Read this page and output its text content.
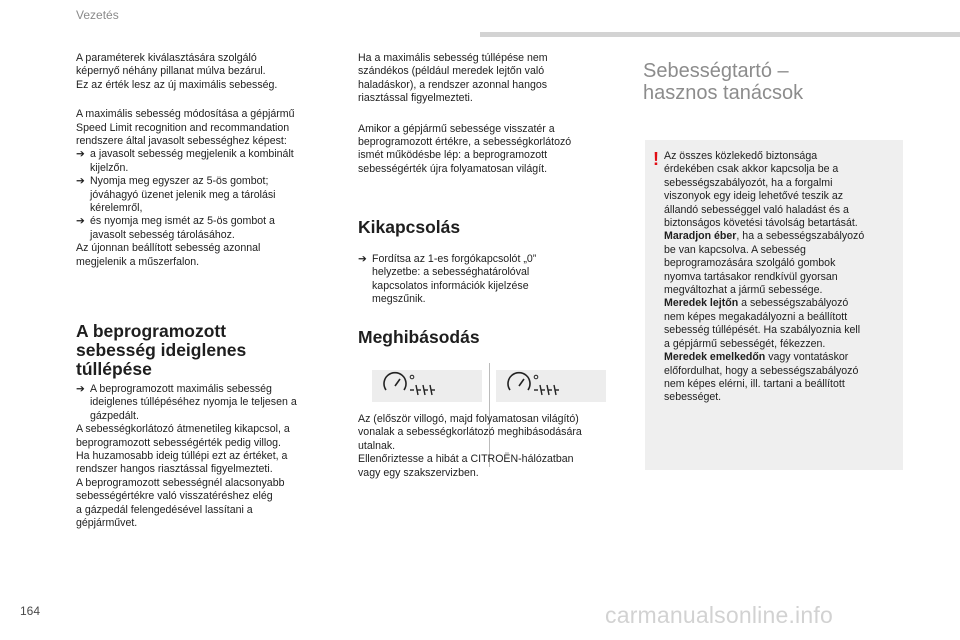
Vezetés

A paraméterek kiválasztására szolgáló
képernyő néhány pillanat múlva bezárul.
Ez az érték lesz az új maximális sebesség.

A maximális sebesség módosítása a gépjármű
Speed Limit recognition and recommandation
rendszere által javasolt sebességhez képest:
➔ a javasolt sebesség megjelenik a kombinált
kijelzőn.
➔ Nyomja meg egyszer az 5-ös gombot;
jóváhagyó üzenet jelenik meg a tárolási
kérelemről,
➔ és nyomja meg ismét az 5-ös gombot a
javasolt sebesség tárolásához.
Az újonnan beállított sebesség azonnal
megjelenik a műszerfalon.
A beprogramozott
sebesség ideiglenes
túllépése
➔ A beprogramozott maximális sebesség
ideiglenes túllépéséhez nyomja le teljesen a
gázpedált.
A sebességkorlátozó átmenetileg kikapcsol, a
beprogramozott sebességérték pedig villog.
Ha huzamosabb ideig túllépi ezt az értéket, a
rendszer hangos riasztással figyelmezteti.
A beprogramozott sebességnél alacsonyabb
sebességértékre való visszatéréshez elég
a gázpedál felengedésével lassítani a
gépjárművet.
Ha a maximális sebesség túllépése nem
szándékos (például meredek lejtőn való
haladáskor), a rendszer azonnal hangos
riasztással figyelmezteti.
Amikor a gépjármű sebessége visszatér a
beprogramozott értékre, a sebességkorlátozó
ismét működésbe lép: a beprogramozott
sebességérték újra folyamatosan világít.
Kikapcsolás
➔ Fordítsa az 1-es forgókapcsolót „0”
helyzetbe: a sebességhatárolóval
kapcsolatos információk kijelzése
megszűnik.
Meghibásodás
Az (először villogó, majd folyamatosan világító)
vonalak a sebességkorlátozó meghibásodására
utalnak.
Ellenőriztesse a hibát a CITROËN-hálózatban
vagy egy szakszervizben.
Sebességtartó –
hasznos tanácsok
! Az összes közlekedő biztonsága
érdekében csak akkor kapcsolja be a
sebességszabályozót, ha a forgalmi
viszonyok egy ideig lehetővé teszik az
állandó sebességgel való haladást és a
biztonságos követési távolság betartását.
Maradjon éber, ha a sebességszabályozó
be van kapcsolva. A sebesség
beprogramozására szolgáló gombok
nyomva tartásakor rendkívül gyorsan
megváltozhat a jármű sebessége.
Meredek lejtőn a sebességszabályozó
nem képes megakadályozni a beállított
sebesség túllépését. Ha szabályoznia kell
a gépjármű sebességét, fékezzen.
Meredek emelkedőn vagy vontatáskor
előfordulhat, hogy a sebességszabályozó
nem képes elérni, ill. tartani a beállított
sebességet.
164	carmanualsonline.info
